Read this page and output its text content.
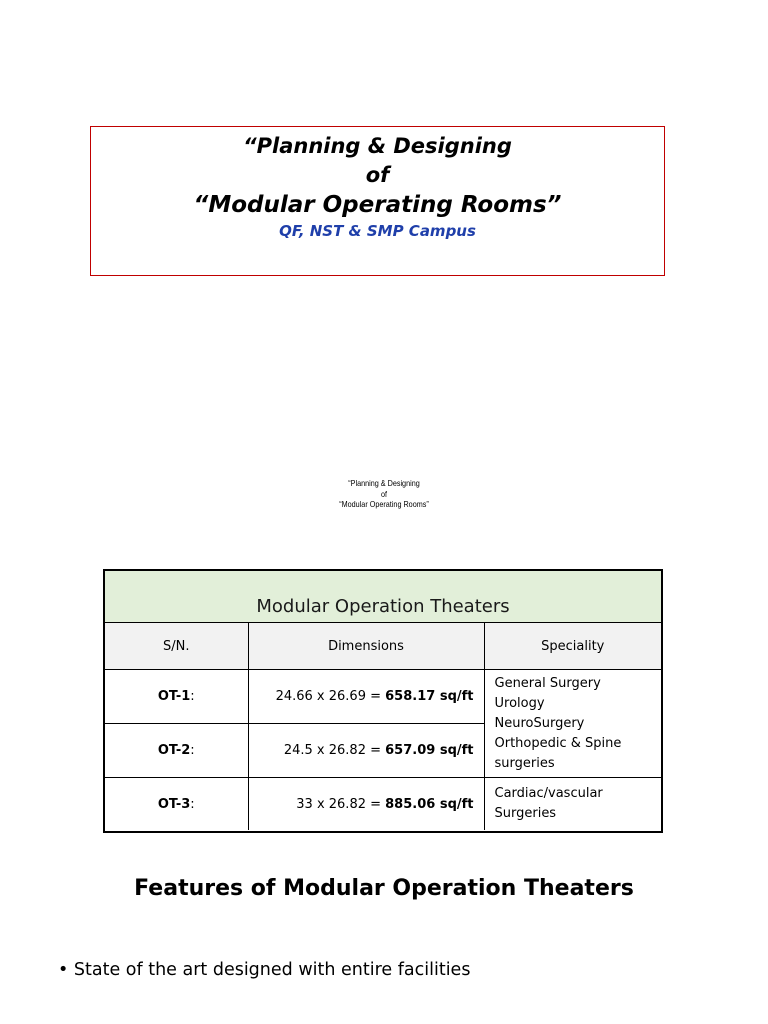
“Planning & Designing
of
“Modular Operating Rooms”
QF, NST & SMP Campus
“Planning & Designing
of
“Modular Operating Rooms”
Modular Operation Theaters
S/N.	Dimensions	Speciality
OT-1:	24.66 x 26.69 = 658.17 sq/ft	General Surgery
Urology
NeuroSurgery
Orthopedic & Spine
surgeries

OT-2:	24.5 x 26.82 = 657.09 sq/ft	
OT-3:	33 x 26.82 = 885.06 sq/ft	Cardiac/vascular
Surgeries
Features of Modular Operation Theaters
• State of the art designed with entire facilities
